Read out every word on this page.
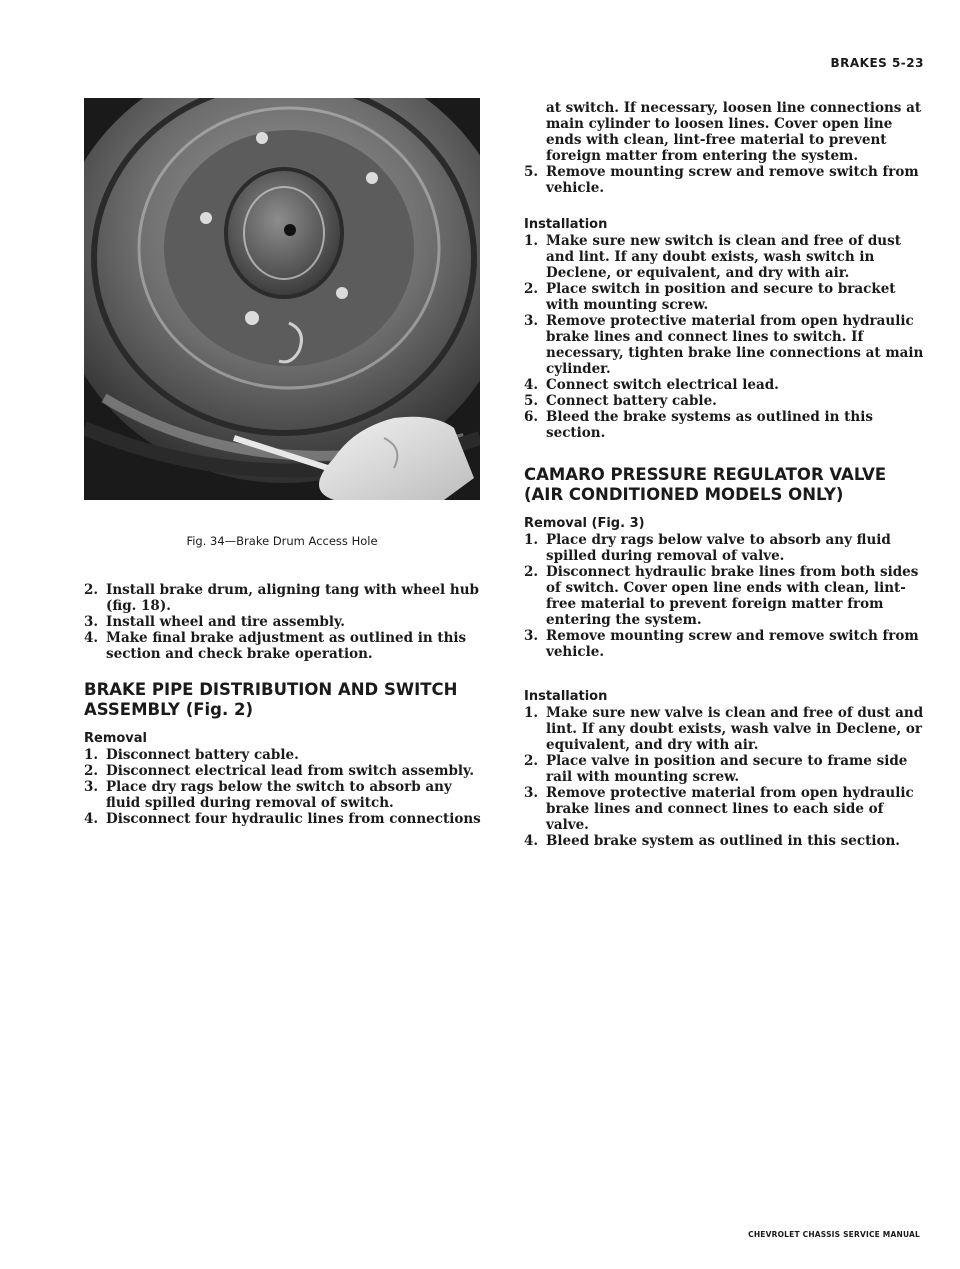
BRAKES 5-23
Fig. 34—Brake Drum Access Hole
2. Install brake drum, aligning tang with wheel hub (fig. 18).
3. Install wheel and tire assembly.
4. Make final brake adjustment as outlined in this section and check brake operation.
BRAKE PIPE DISTRIBUTION AND SWITCH ASSEMBLY (Fig. 2)
Removal
1. Disconnect battery cable.
2. Disconnect electrical lead from switch assembly.
3. Place dry rags below the switch to absorb any fluid spilled during removal of switch.
4. Disconnect four hydraulic lines from connections
at switch. If necessary, loosen line connections at main cylinder to loosen lines. Cover open line ends with clean, lint-free material to prevent foreign matter from entering the system.
5. Remove mounting screw and remove switch from vehicle.
Installation
1. Make sure new switch is clean and free of dust and lint. If any doubt exists, wash switch in Declene, or equivalent, and dry with air.
2. Place switch in position and secure to bracket with mounting screw.
3. Remove protective material from open hydraulic brake lines and connect lines to switch. If necessary, tighten brake line connections at main cylinder.
4. Connect switch electrical lead.
5. Connect battery cable.
6. Bleed the brake systems as outlined in this section.
CAMARO PRESSURE REGULATOR VALVE (AIR CONDITIONED MODELS ONLY)
Removal (Fig. 3)
1. Place dry rags below valve to absorb any fluid spilled during removal of valve.
2. Disconnect hydraulic brake lines from both sides of switch. Cover open line ends with clean, lint-free material to prevent foreign matter from entering the system.
3. Remove mounting screw and remove switch from vehicle.
Installation
1. Make sure new valve is clean and free of dust and lint. If any doubt exists, wash valve in Declene, or equivalent, and dry with air.
2. Place valve in position and secure to frame side rail with mounting screw.
3. Remove protective material from open hydraulic brake lines and connect lines to each side of valve.
4. Bleed brake system as outlined in this section.
CHEVROLET CHASSIS SERVICE MANUAL
